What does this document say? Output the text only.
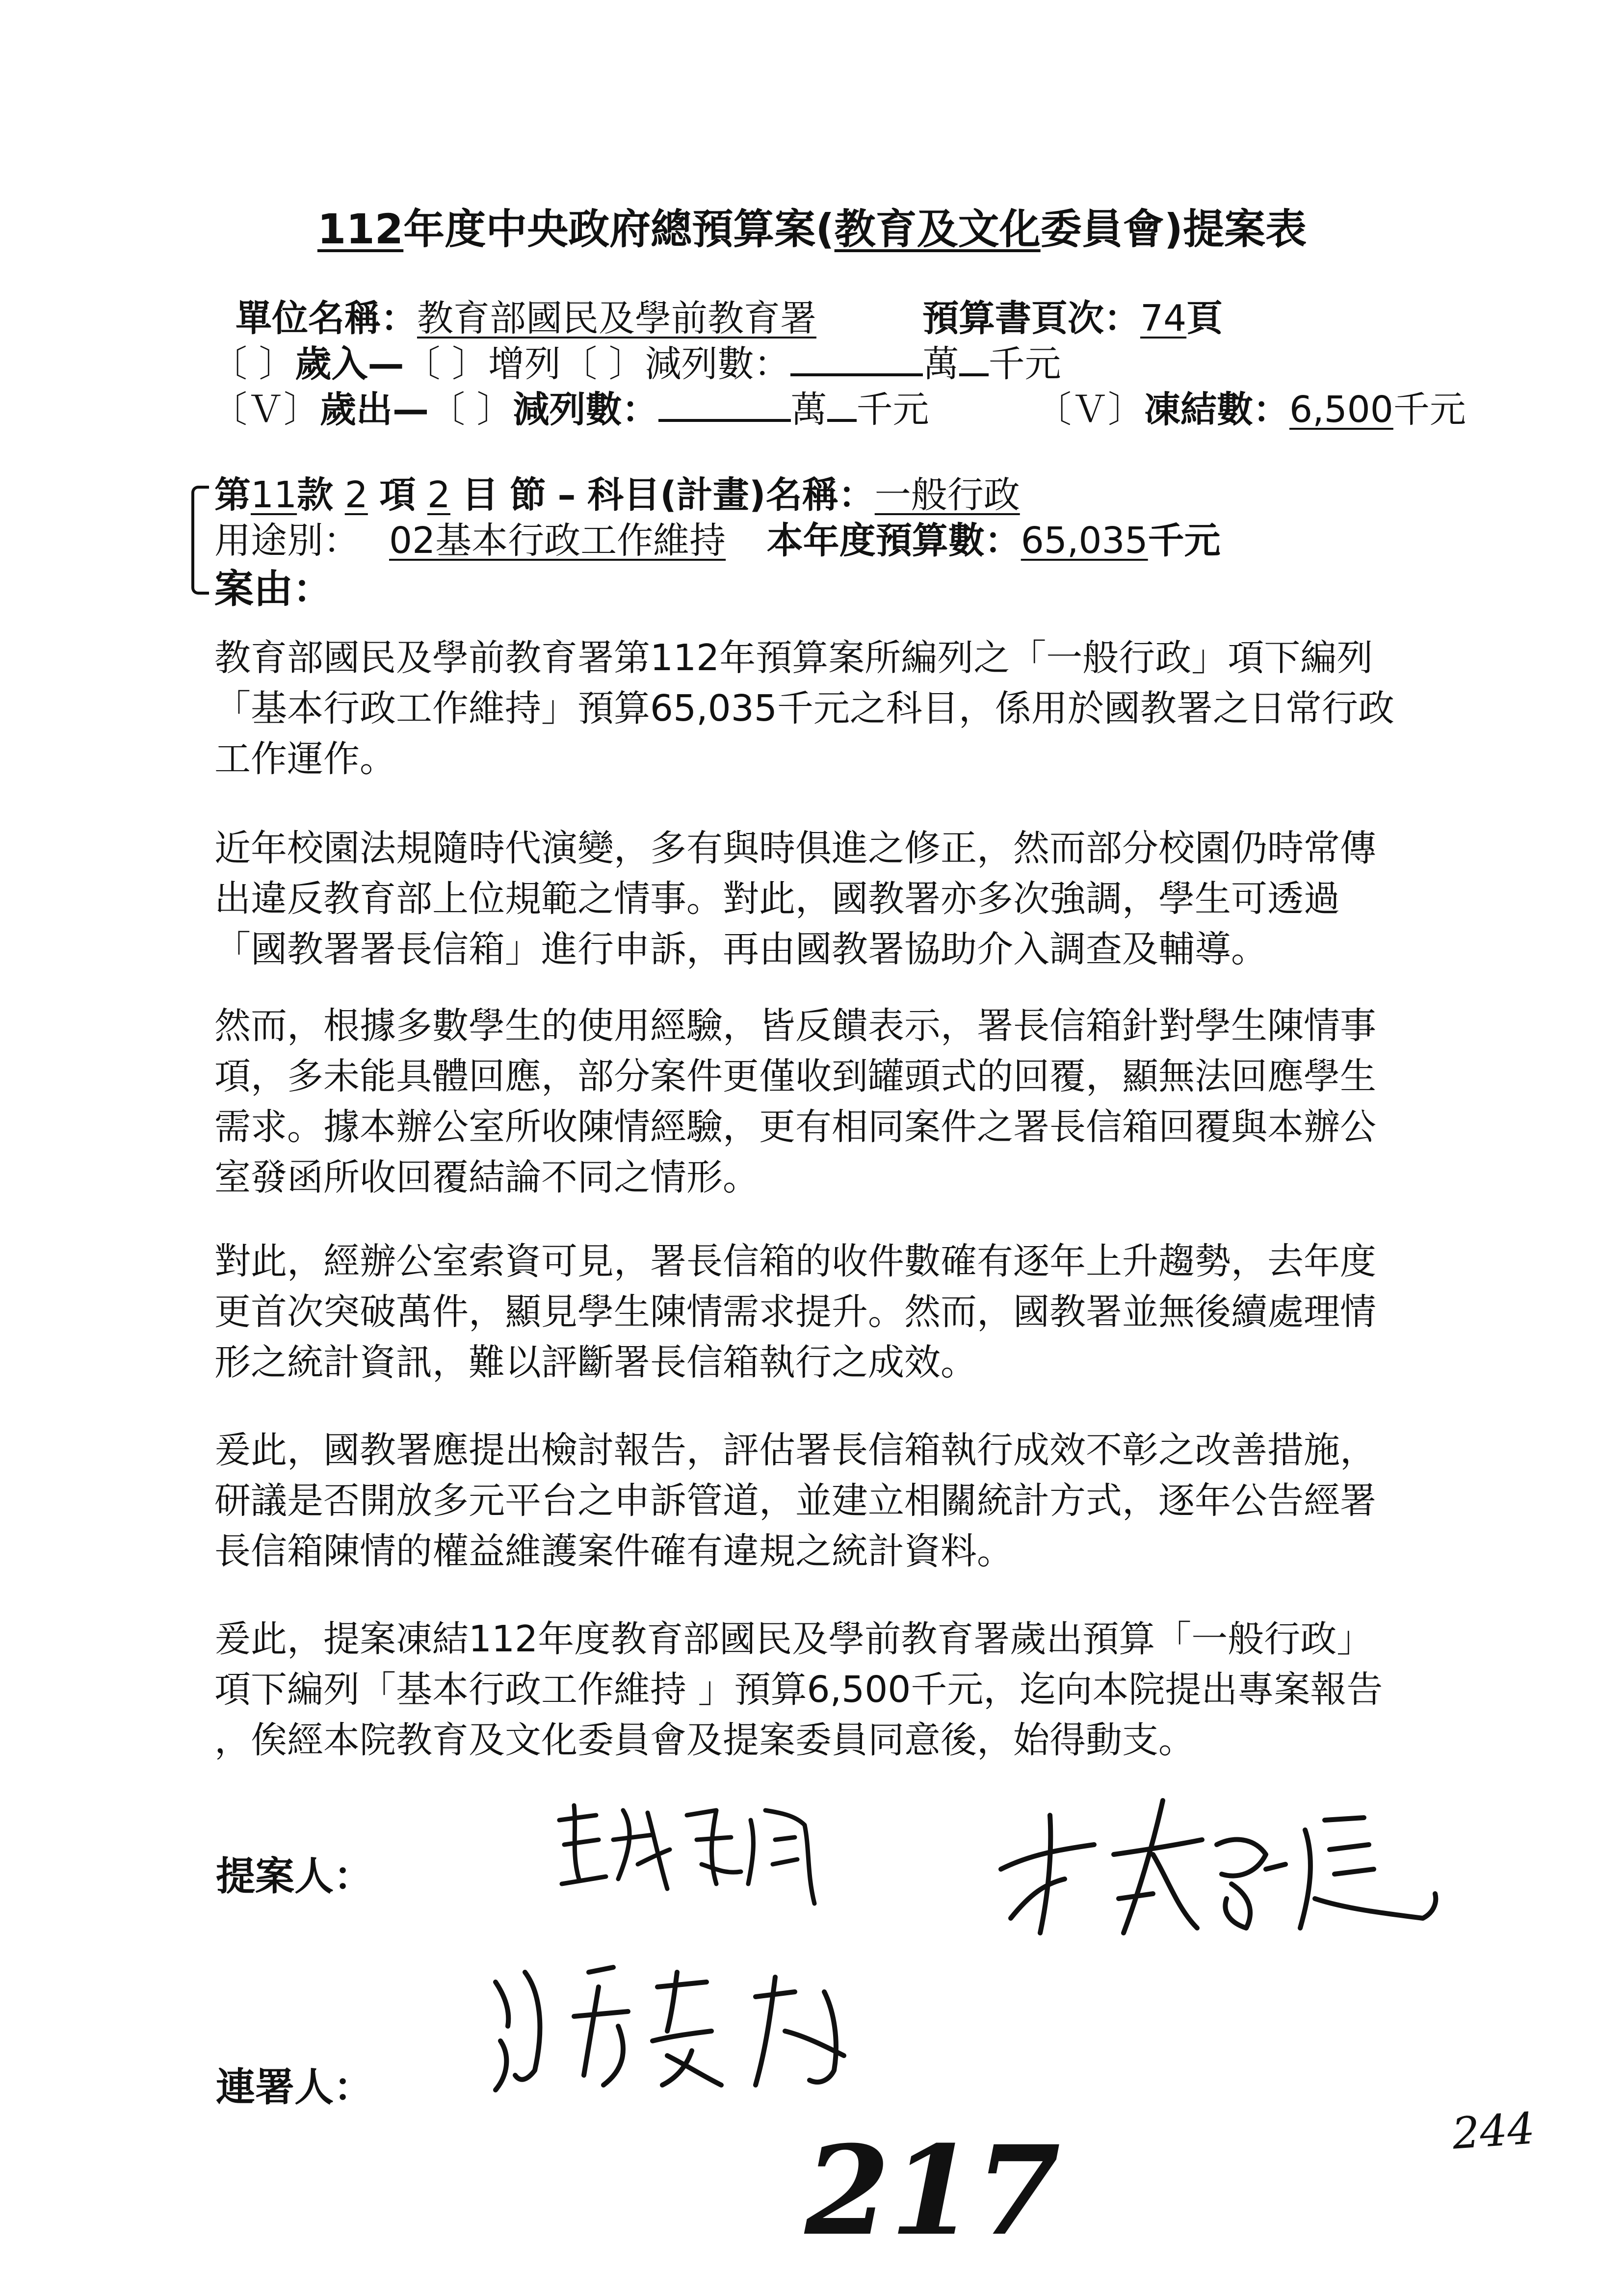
112年度中央政府總預算案(教育及文化委員會)提案表
單位名稱：教育部國民及學前教育署	預算書頁次：74頁
〔 〕歲入—〔 〕增列〔 〕減列數：	萬 千元
〔Ｖ〕歲出—〔 〕減列數：	萬 千元	〔Ｖ〕凍結數：6,500千元
第11款 2 項 2 目 節 – 科目(計畫)名稱：一般行政
用途別： 02基本行政工作維持 本年度預算數：65,035千元
案由：

教育部國民及學前教育署第112年預算案所編列之「一般行政」項下編列
「基本行政工作維持」預算65,035千元之科目，係用於國教署之日常行政
工作運作。

近年校園法規隨時代演變，多有與時俱進之修正，然而部分校園仍時常傳
出違反教育部上位規範之情事。對此，國教署亦多次強調，學生可透過
「國教署署長信箱」進行申訴，再由國教署協助介入調查及輔導。

然而，根據多數學生的使用經驗，皆反饋表示，署長信箱針對學生陳情事
項，多未能具體回應，部分案件更僅收到罐頭式的回覆，顯無法回應學生
需求。據本辦公室所收陳情經驗，更有相同案件之署長信箱回覆與本辦公
室發函所收回覆結論不同之情形。

對此，經辦公室索資可見，署長信箱的收件數確有逐年上升趨勢，去年度
更首次突破萬件，顯見學生陳情需求提升。然而，國教署並無後續處理情
形之統計資訊，難以評斷署長信箱執行之成效。

爰此，國教署應提出檢討報告，評估署長信箱執行成效不彰之改善措施，
研議是否開放多元平台之申訴管道，並建立相關統計方式，逐年公告經署
長信箱陳情的權益維護案件確有違規之統計資料。

爰此，提案凍結112年度教育部國民及學前教育署歲出預算「一般行政」
項下編列「基本行政工作維持 」預算6,500千元，迄向本院提出專案報告
，俟經本院教育及文化委員會及提案委員同意後，始得動支。

提案人：
連署人：
217	244
